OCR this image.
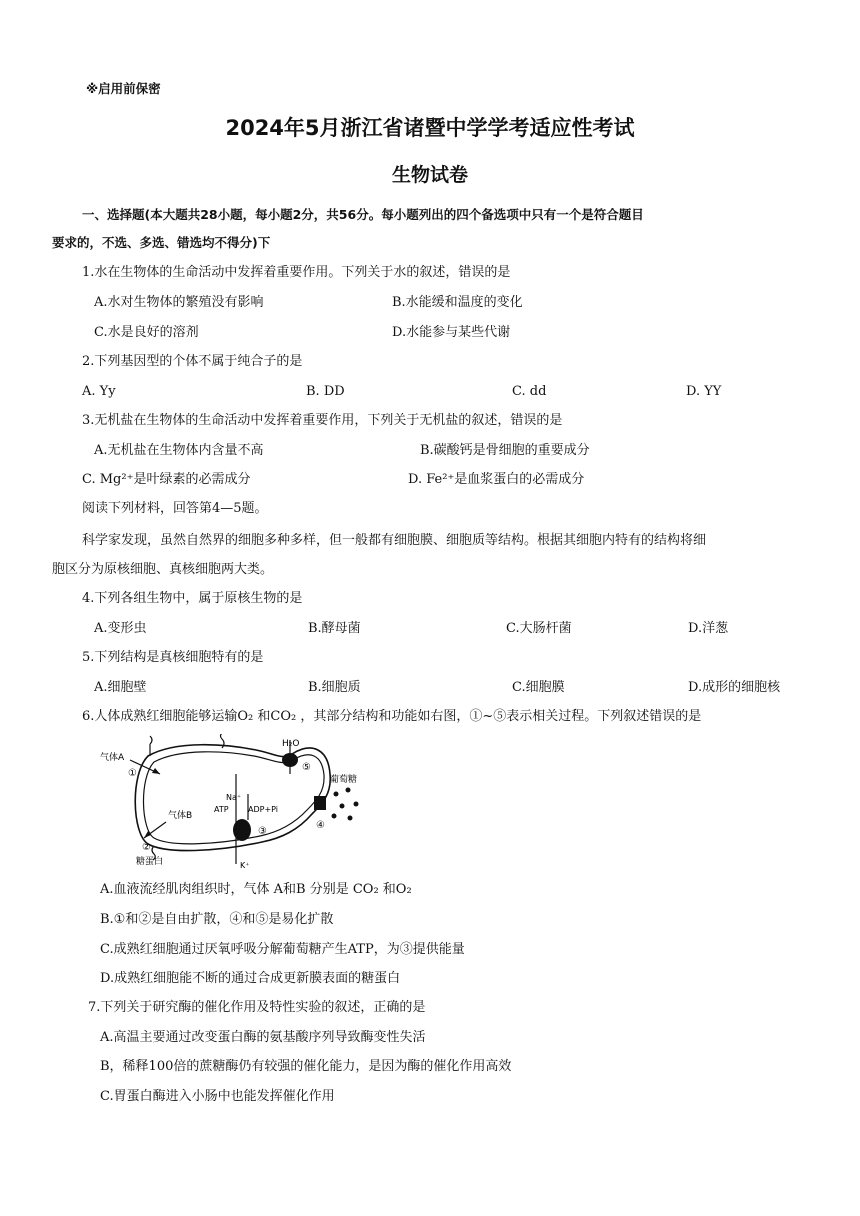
※启用前保密
2024年5月浙江省诸暨中学学考适应性考试
生物试卷
一、选择题(本大题共28小题，每小题2分，共56分。每小题列出的四个备选项中只有一个是符合题目
要求的，不选、多选、错选均不得分)下
1.水在生物体的生命活动中发挥着重要作用。下列关于水的叙述，错误的是
A.水对生物体的繁殖没有影响	B.水能缓和温度的变化
C.水是良好的溶剂	D.水能参与某些代谢
2.下列基因型的个体不属于纯合子的是
A. Yy	B. DD	C. dd	D. YY
3.无机盐在生物体的生命活动中发挥着重要作用，下列关于无机盐的叙述，错误的是
A.无机盐在生物体内含量不高	B.碳酸钙是骨细胞的重要成分
C. Mg²⁺是叶绿素的必需成分	D. Fe²⁺是血浆蛋白的必需成分
阅读下列材料，回答第4—5题。
科学家发现，虽然自然界的细胞多种多样，但一般都有细胞膜、细胞质等结构。根据其细胞内特有的结构将细
胞区分为原核细胞、真核细胞两大类。
4.下列各组生物中，属于原核生物的是
A.变形虫	B.酵母菌	C.大肠杆菌	D.洋葱
5.下列结构是真核细胞特有的是
A.细胞壁	B.细胞质	C.细胞膜	D.成形的细胞核
6.人体成熟红细胞能够运输O₂ 和CO₂ ，其部分结构和功能如右图，①~⑤表示相关过程。下列叙述错误的是
气体A
①
气体B
②
糖蛋白
H₂O
⑤
葡萄糖
④
Na⁺
ATP ADP+Pi
③
K⁺
A.血液流经肌肉组织时，气体 A和B 分别是 CO₂ 和O₂
B.①和②是自由扩散，④和⑤是易化扩散
C.成熟红细胞通过厌氧呼吸分解葡萄糖产生ATP，为③提供能量
D.成熟红细胞能不断的通过合成更新膜表面的糖蛋白
7.下列关于研究酶的催化作用及特性实验的叙述，正确的是
A.高温主要通过改变蛋白酶的氨基酸序列导致酶变性失活
B，稀释100倍的蔗糖酶仍有较强的催化能力，是因为酶的催化作用高效
C.胃蛋白酶进入小肠中也能发挥催化作用
